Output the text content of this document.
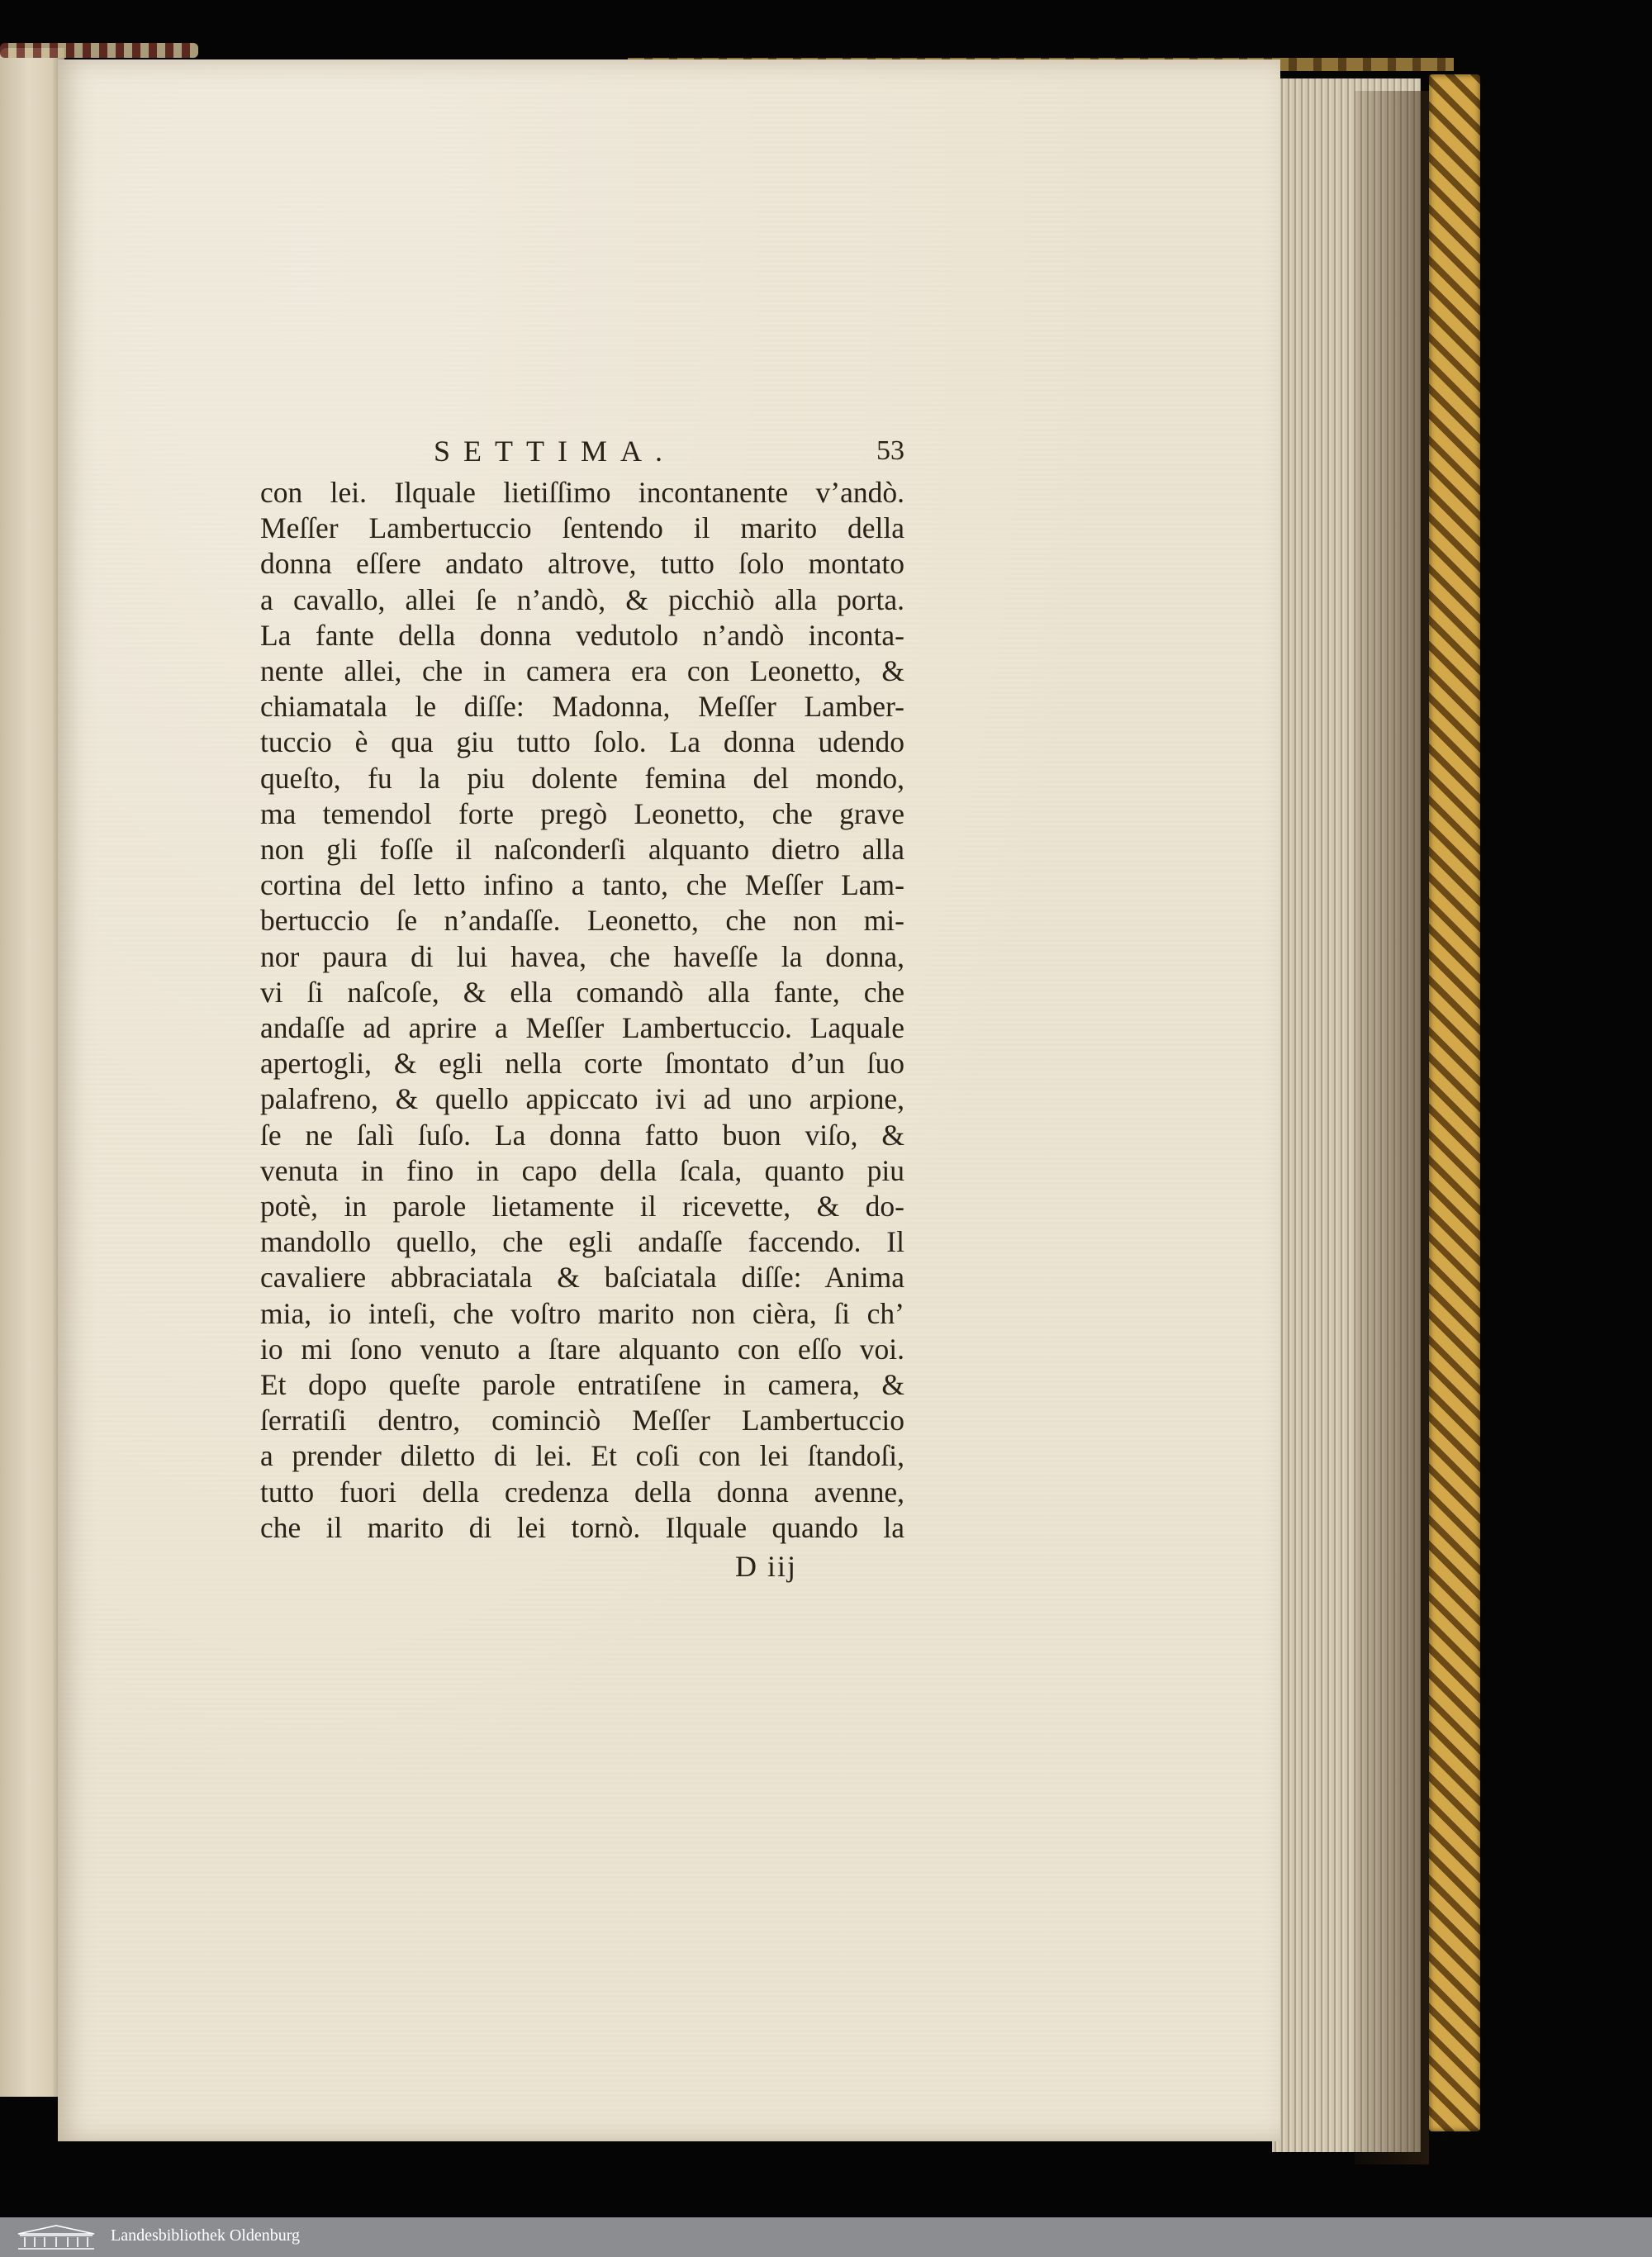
SETTIMA.	53
con lei. Ilquale lietiſſimo incontanente v’andò.
Meſſer Lambertuccio ſentendo il marito della
donna eſſere andato altrove, tutto ſolo montato
a cavallo, allei ſe n’andò, & picchiò alla porta.
La fante della donna vedutolo n’andò inconta-
nente allei, che in camera era con Leonetto, &
chiamatala le diſſe: Madonna, Meſſer Lamber-
tuccio è qua giu tutto ſolo. La donna udendo
queſto, fu la piu dolente femina del mondo,
ma temendol forte pregò Leonetto, che grave
non gli foſſe il naſconderſi alquanto dietro alla
cortina del letto infino a tanto, che Meſſer Lam-
bertuccio ſe n’andaſſe. Leonetto, che non mi-
nor paura di lui havea, che haveſſe la donna,
vi ſi naſcoſe, & ella comandò alla fante, che
andaſſe ad aprire a Meſſer Lambertuccio. Laquale
apertogli, & egli nella corte ſmontato d’un ſuo
palafreno, & quello appiccato ivi ad uno arpione,
ſe ne ſalì ſuſo. La donna fatto buon viſo, &
venuta in fino in capo della ſcala, quanto piu
potè, in parole lietamente il ricevette, & do-
mandollo quello, che egli andaſſe faccendo. Il
cavaliere abbraciatala & baſciatala diſſe: Anima
mia, io inteſi, che voſtro marito non cièra, ſi ch’
io mi ſono venuto a ſtare alquanto con eſſo voi.
Et dopo queſte parole entratiſene in camera, &
ſerratiſi dentro, cominciò Meſſer Lambertuccio
a prender diletto di lei. Et coſi con lei ſtandoſi,
tutto fuori della credenza della donna avenne,
che il marito di lei tornò. Ilquale quando la
D iij
Landesbibliothek Oldenburg
